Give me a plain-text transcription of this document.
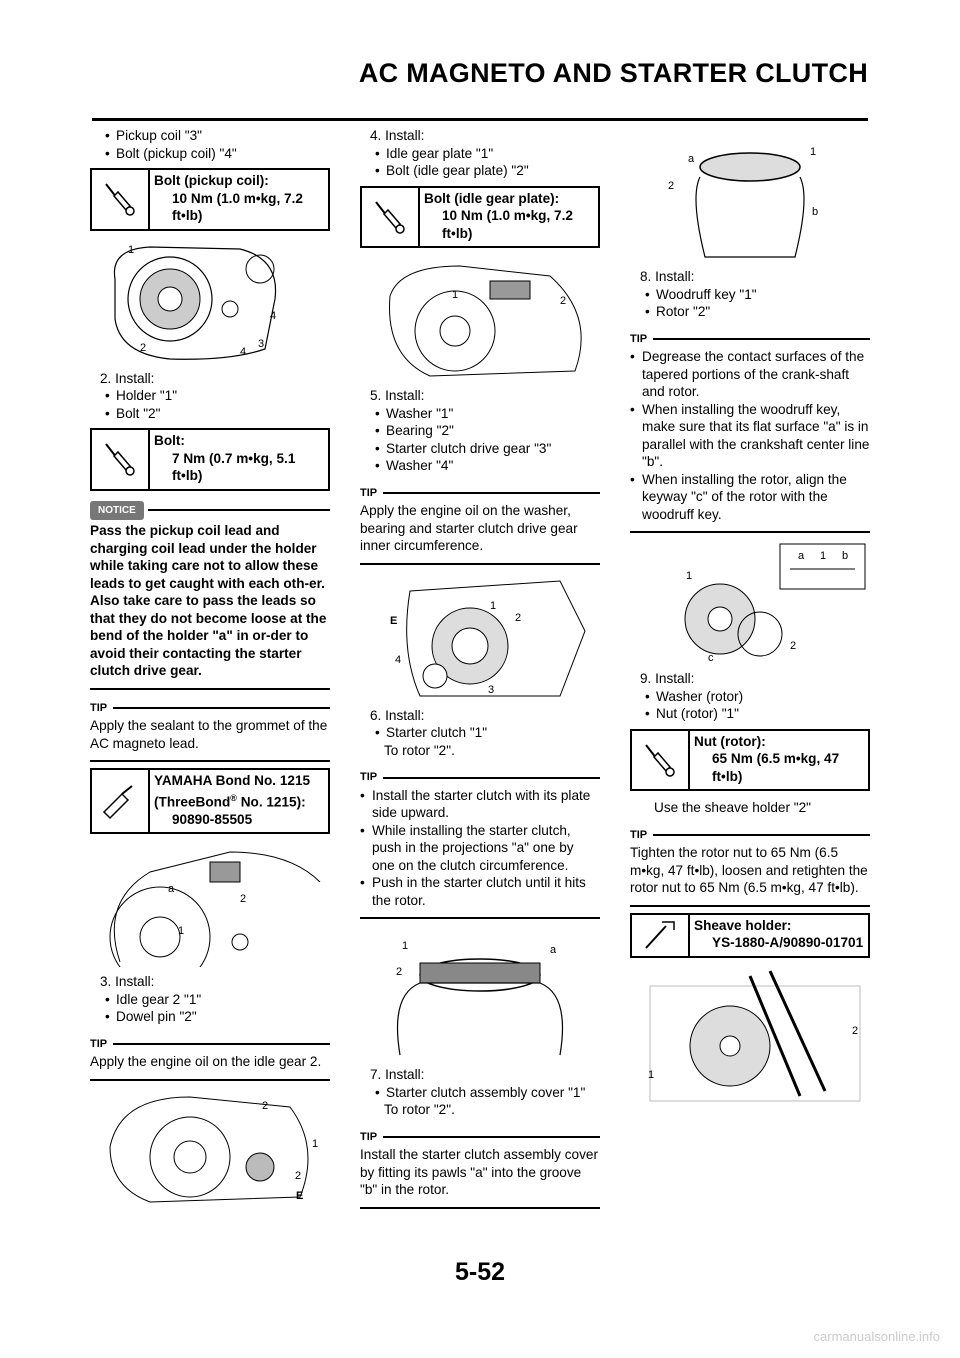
AC MAGNETO AND STARTER CLUTCH
• Pickup coil "3"
• Bolt (pickup coil) "4"
Bolt (pickup coil):
10 Nm (1.0 m•kg, 7.2 ft•lb)
1
2	3
4
4
2. Install:
• Holder "1"
• Bolt "2"
Bolt:
7 Nm (0.7 m•kg, 5.1 ft•lb)
NOTICE
Pass the pickup coil lead and charging coil lead under the holder while taking care not to allow these leads to get caught with each oth-er. Also take care to pass the leads so that they do not become loose at the bend of the holder "a" in or-der to avoid their contacting the starter clutch drive gear.
TIP
Apply the sealant to the grommet of the AC magneto lead.
YAMAHA Bond No. 1215 (ThreeBond® No. 1215):
90890-85505
a
2
1
3. Install:
• Idle gear 2 "1"
• Dowel pin "2"
TIP
Apply the engine oil on the idle gear 2.
2
1
2
E
4. Install:
• Idle gear plate "1"
• Bolt (idle gear plate) "2"
Bolt (idle gear plate):
10 Nm (1.0 m•kg, 7.2 ft•lb)
1	2
5. Install:
• Washer "1"
• Bearing "2"
• Starter clutch drive gear "3"
• Washer "4"
TIP
Apply the engine oil on the washer, bearing and starter clutch drive gear inner circumference.
E
1
2
4
3
6. Install:
• Starter clutch "1"
To rotor "2".
TIP
• Install the starter clutch with its plate side upward.
• While installing the starter clutch, push in the projections "a" one by one on the clutch circumference.
• Push in the starter clutch until it hits the rotor.
1	a
2
7. Install:
• Starter clutch assembly cover "1"
To rotor "2".
TIP
Install the starter clutch assembly cover by fitting its pawls "a" into the groove "b" in the rotor.
a
1
2
b
8. Install:
• Woodruff key "1"
• Rotor "2"
TIP
• Degrease the contact surfaces of the tapered portions of the crank-shaft and rotor.
• When installing the woodruff key, make sure that its flat surface "a" is in parallel with the crankshaft center line "b".
• When installing the rotor, align the keyway "c" of the rotor with the woodruff key.
a 1 b
1
2
c
9. Install:
• Washer (rotor)
• Nut (rotor) "1"
Nut (rotor):
65 Nm (6.5 m•kg, 47 ft•lb)
Use the sheave holder "2"
TIP
Tighten the rotor nut to 65 Nm (6.5 m•kg, 47 ft•lb), loosen and retighten the rotor nut to 65 Nm (6.5 m•kg, 47 ft•lb).
Sheave holder:
YS-1880-A/90890-01701
2
1
5-52
carmanualsonline.info
